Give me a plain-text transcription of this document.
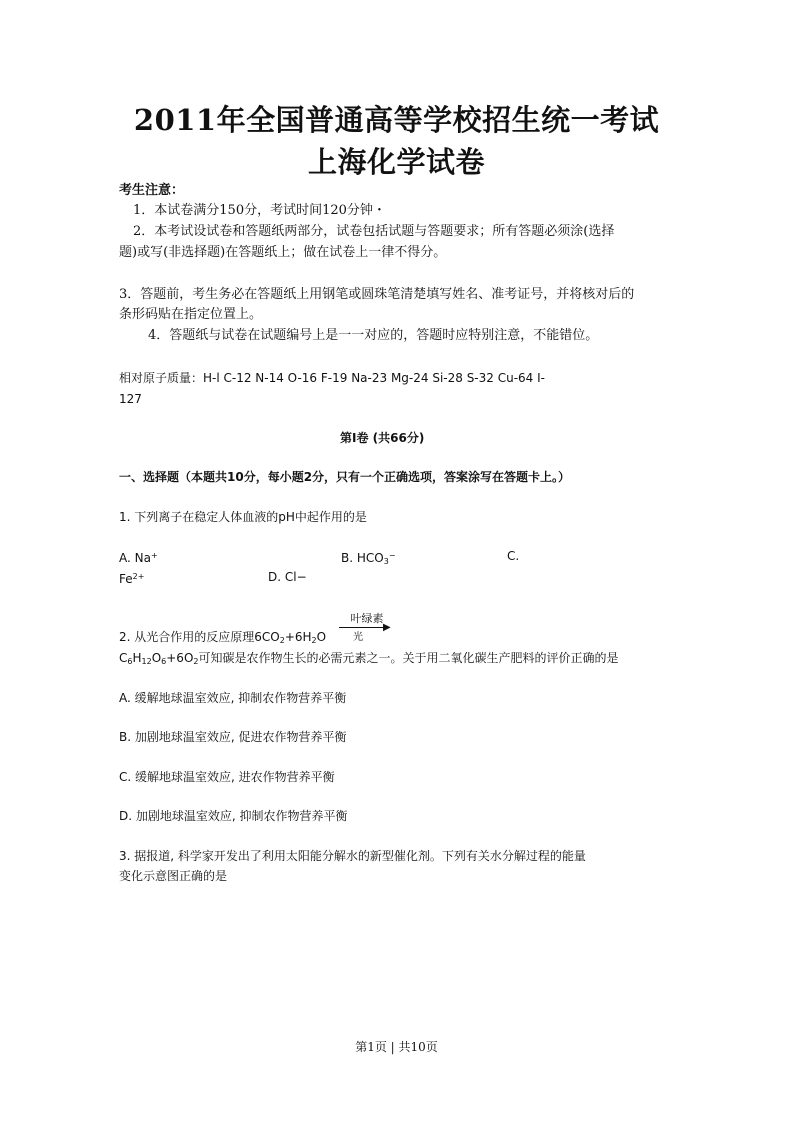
2011年全国普通高等学校招生统一考试
上海化学试卷
考生注意：
1．本试卷满分150分，考试时间120分钟・
2．本考试设试卷和答题纸两部分，试卷包括试题与答题要求；所有答题必须涂(选择
题)或写(非选择题)在答题纸上；做在试卷上一律不得分。
3．答题前，考生务必在答题纸上用钢笔或圆珠笔清楚填写姓名、准考证号，并将核对后的
条形码贴在指定位置上。
4．答题纸与试卷在试题编号上是一一对应的，答题时应特别注意，不能错位。
相对原子质量：H-l C-12 N-14 O-16 F-19 Na-23 Mg-24 Si-28 S-32 Cu-64 I-
127
第I卷 (共66分)
一、选择题（本题共10分，每小题2分，只有一个正确选项，答案涂写在答题卡上。）
1. 下列离子在稳定人体血液的pH中起作用的是
A. Na+	B. $HCO_3^-$	C.
$Fe^{2+}$	D. Cl−
2. 从光合作用的反应原理$6CO_2+6H_2O$
叶绿素
▶
光
$C_6H_{12}O_6+6O_2$可知碳是农作物生长的必需元素之一。关于用二氧化碳生产肥料的评价正确的是
A. 缓解地球温室效应, 抑制农作物营养平衡
B. 加剧地球温室效应, 促进农作物营养平衡
C. 缓解地球温室效应, 进农作物营养平衡
D. 加剧地球温室效应, 抑制农作物营养平衡
3. 据报道, 科学家开发出了利用太阳能分解水的新型催化剂。下列有关水分解过程的能量
变化示意图正确的是
第1页 | 共10页
